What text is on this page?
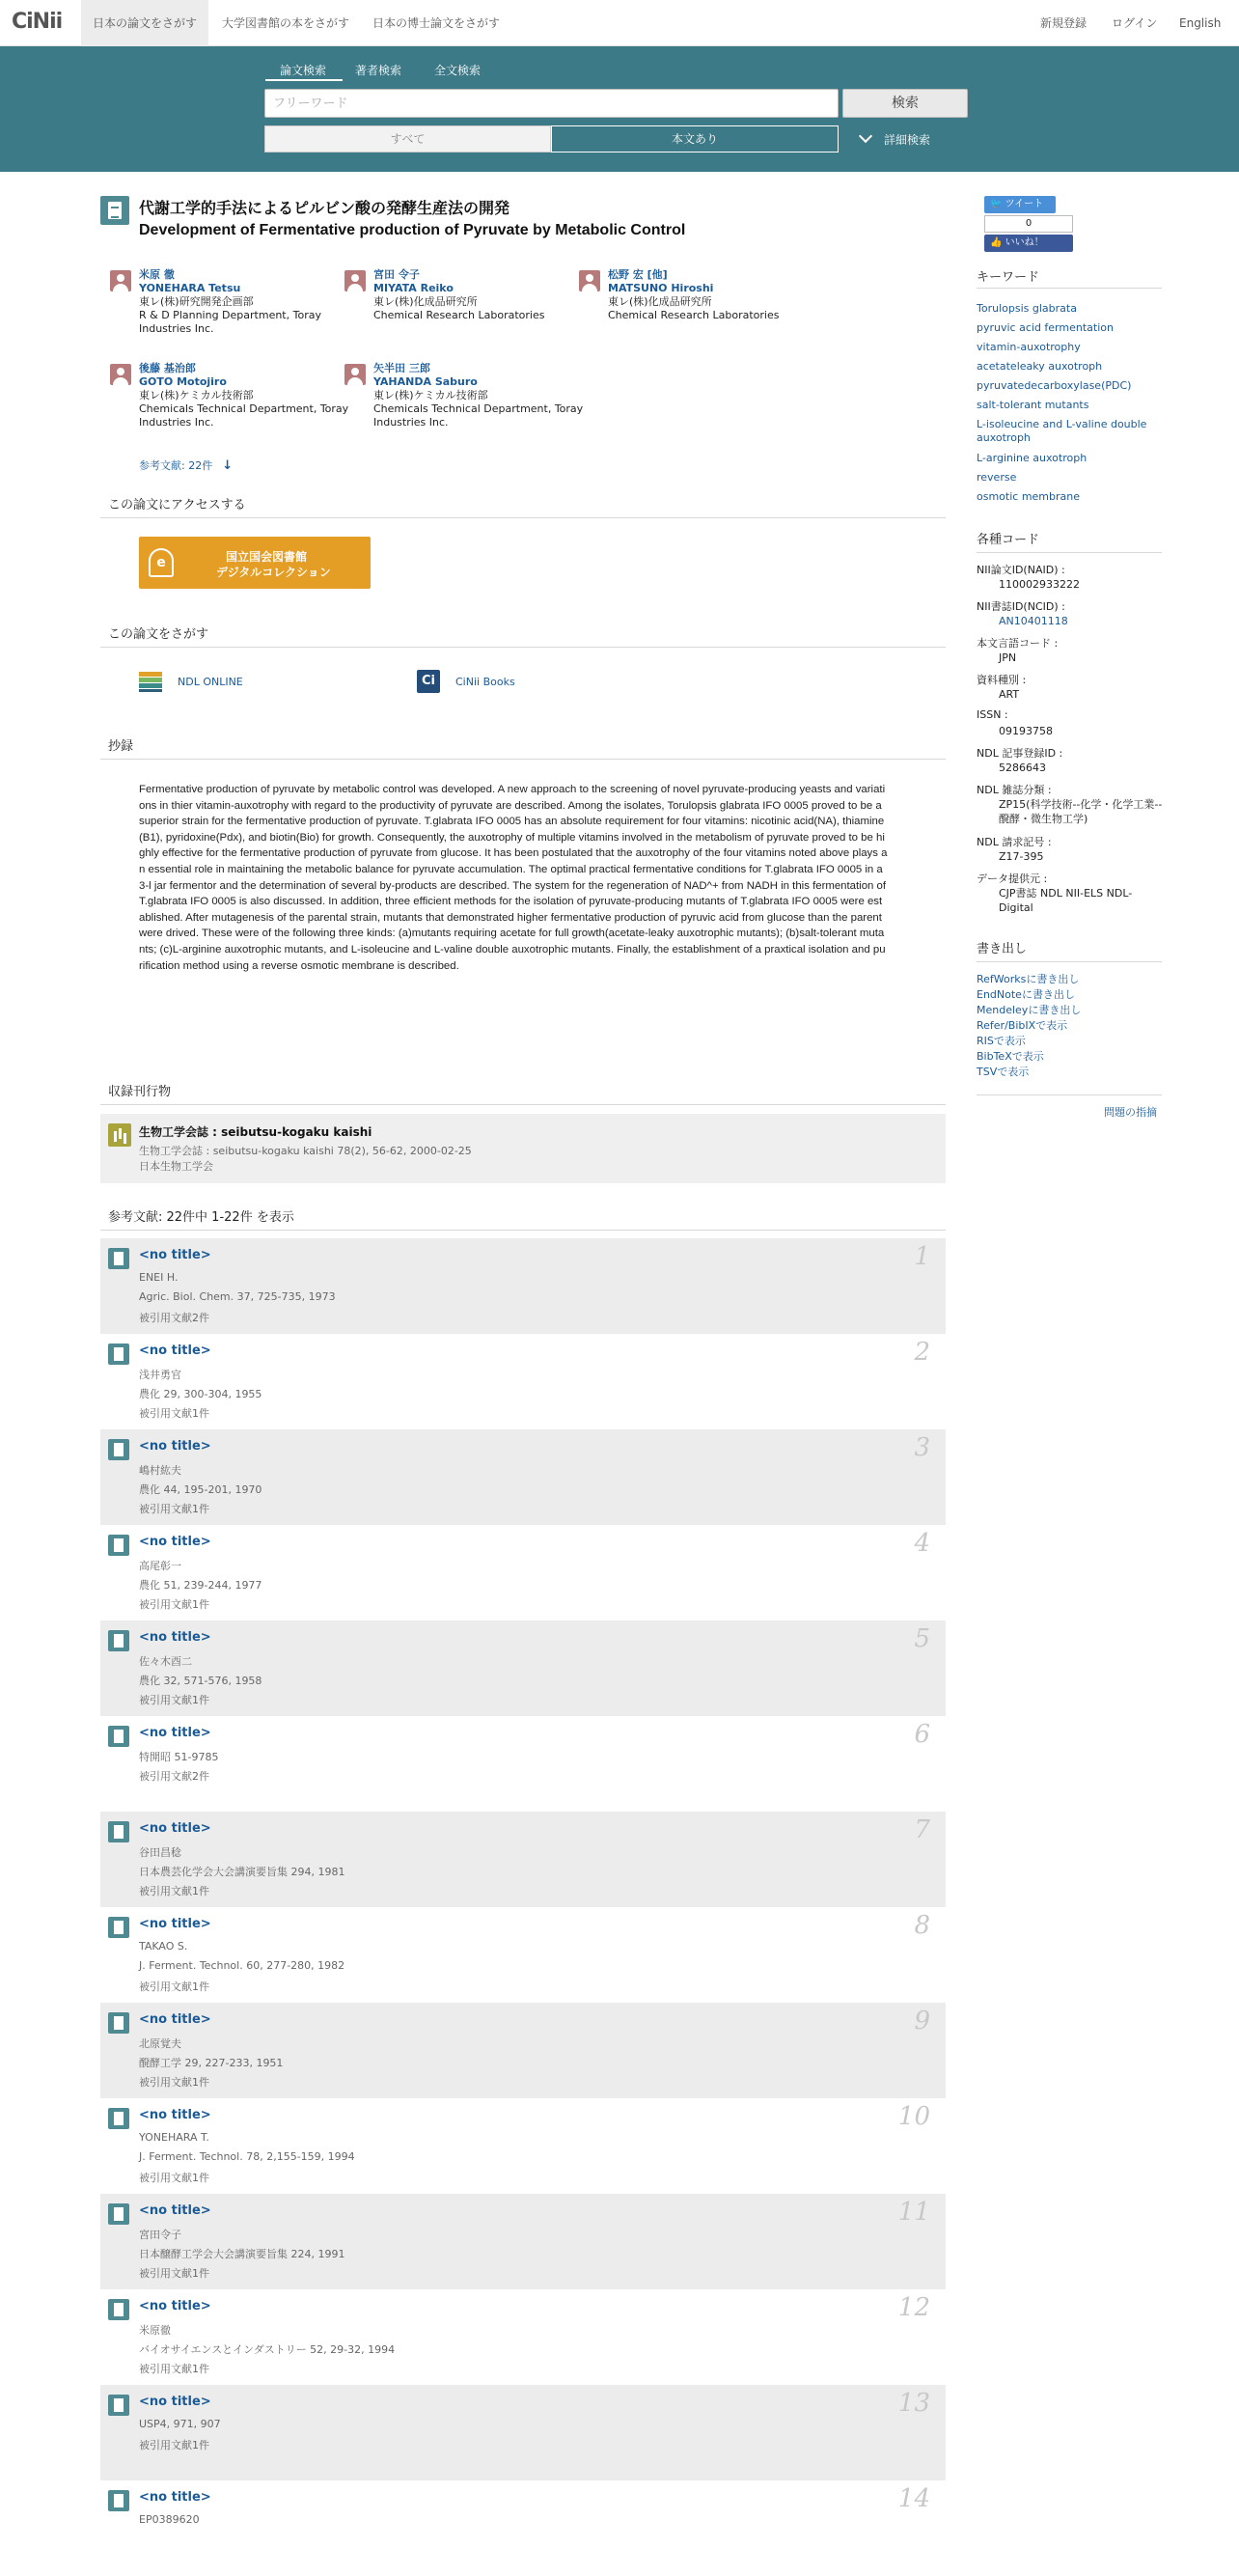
CiNii	日本の論文をさがす	大学図書館の本をさがす	日本の博士論文をさがす	新規登録 ログイン English
論文検索 著者検索	全文検索
フリーワード
検索
すべて	本文あり	詳細検索
代謝工学的手法によるピルビン酸の発酵生産法の開発
Development of Fermentative production of Pyruvate by Metabolic Control
米原 徹
YONEHARA Tetsu
東レ(株)研究開発企画部
R & D Planning Department, Toray Industries Inc.
宮田 令子
MIYATA Reiko
東レ(株)化成品研究所
Chemical Research Laboratories
松野 宏 [他]
MATSUNO Hiroshi
東レ(株)化成品研究所
Chemical Research Laboratories
後藤 基治郎
GOTO Motojiro
東レ(株)ケミカル技術部
Chemicals Technical Department, Toray Industries Inc.
矢半田 三郎
YAHANDA Saburo
東レ(株)ケミカル技術部
Chemicals Technical Department, Toray Industries Inc.
参考文献: 22件 ↓
この論文にアクセスする
e	国立国会図書館
デジタルコレクション
この論文をさがす
NDL ONLINE	Ci	CiNii Books
抄録
Fermentative production of pyruvate by metabolic control was developed. A new approach to the screening of novel pyruvate-producing yeasts and variations in thier vitamin-auxotrophy with regard to the productivity of pyruvate are described. Among the isolates, Torulopsis glabrata IFO 0005 proved to be a superior strain for the fermentative production of pyruvate. T.glabrata IFO 0005 has an absolute requirement for four vitamins: nicotinic acid(NA), thiamine(B1), pyridoxine(Pdx), and biotin(Bio) for growth. Consequently, the auxotrophy of multiple vitamins involved in the metabolism of pyruvate proved to be highly effective for the fermentative production of pyruvate from glucose. It has been postulated that the auxotrophy of the four vitamins noted above plays an essential role in maintaining the metabolic balance for pyruvate accumulation. The optimal practical fermentative conditions for T.glabrata IFO 0005 in a 3-l jar fermentor and the determination of several by-products are described. The system for the regeneration of NAD^+ from NADH in this fermentation of T.glabrata IFO 0005 is also discussed. In addition, three efficient methods for the isolation of pyruvate-producing mutants of T.glabrata IFO 0005 were established. After mutagenesis of the parental strain, mutants that demonstrated higher fermentative production of pyruvic acid from glucose than the parent were drived. These were of the following three kinds: (a)mutants requiring acetate for full growth(acetate-leaky auxotrophic mutants); (b)salt-tolerant mutants; (c)L-arginine auxotrophic mutants, and L-isoleucine and L-valine double auxotrophic mutants. Finally, the establishment of a praxtical isolation and purification method using a reverse osmotic membrane is described.
収録刊行物
生物工学会誌 : seibutsu-kogaku kaishi
生物工学会誌 : seibutsu-kogaku kaishi 78(2), 56-62, 2000-02-25
日本生物工学会
参考文献: 22件中 1-22件 を表示
<no title>
ENEI H.
Agric. Biol. Chem. 37, 725-735, 1973
被引用文献2件
1
<no title>
浅井勇官
農化 29, 300-304, 1955
被引用文献1件
2
<no title>
嶋村紘夫
農化 44, 195-201, 1970
被引用文献1件
3
<no title>
高尾彰一
農化 51, 239-244, 1977
被引用文献1件
4
<no title>
佐々木酉二
農化 32, 571-576, 1958
被引用文献1件
5
<no title>
特開昭 51-9785
被引用文献2件
6
<no title>
谷田昌稔
日本農芸化学会大会講演要旨集 294, 1981
被引用文献1件
7
<no title>
TAKAO S.
J. Ferment. Technol. 60, 277-280, 1982
被引用文献1件
8
<no title>
北原覚夫
醗酵工学 29, 227-233, 1951
被引用文献1件
9
<no title>
YONEHARA T.
J. Ferment. Technol. 78, 2,155-159, 1994
被引用文献1件
10
<no title>
宮田令子
日本醸酵工学会大会講演要旨集 224, 1991
被引用文献1件
11
<no title>
米原徹
バイオサイエンスとインダストリー 52, 29-32, 1994
被引用文献1件
12
<no title>
USP4, 971, 907
被引用文献1件
13
<no title>
EP0389620
14
🐦 ツイート
0
👍 いいね！
キーワード
Torulopsis glabrata
pyruvic acid fermentation
vitamin-auxotrophy
acetateleaky auxotroph
pyruvatedecarboxylase(PDC)
salt-tolerant mutants
L-isoleucine and L-valine double auxotroph
L-arginine auxotroph
reverse
osmotic membrane
各種コード
NII論文ID(NAID) :
110002933222
NII書誌ID(NCID) :
AN10401118
本文言語コード :
JPN
資料種別 :
ART
ISSN :
09193758
NDL 記事登録ID :
5286643
NDL 雑誌分類 :
ZP15(科学技術--化学・化学工業--醗酵・微生物工学)
NDL 請求記号 :
Z17-395
データ提供元 :
CJP書誌 NDL NII-ELS NDL-Digital
書き出し
RefWorksに書き出し
EndNoteに書き出し
Mendeleyに書き出し
Refer/BibIXで表示
RISで表示
BibTeXで表示
TSVで表示
問題の指摘
